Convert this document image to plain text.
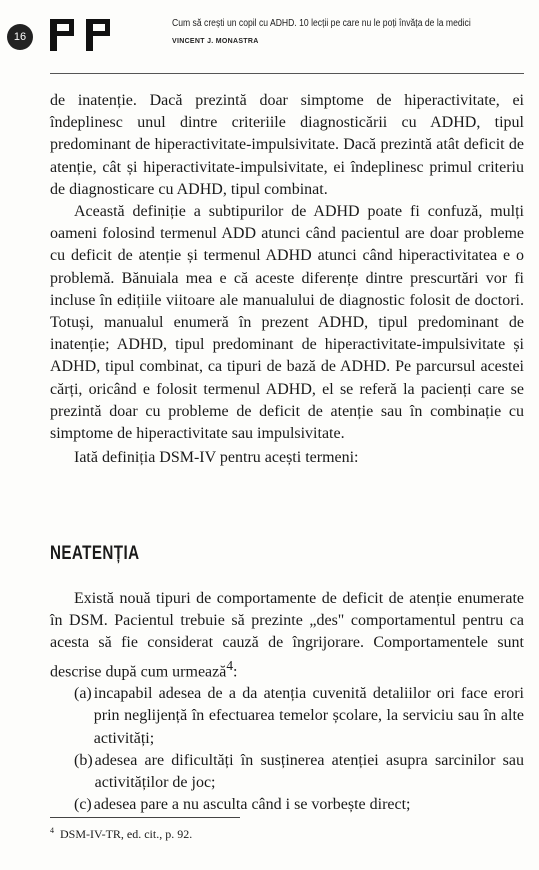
16
Cum să crești un copil cu ADHD. 10 lecții pe care nu le poți învăța de la medici
VINCENT J. MONASTRA

de inatenție. Dacă prezintă doar simptome de hiperactivitate, ei îndeplinesc unul dintre criteriile diagnosticării cu ADHD, tipul predominant de hiperactivitate-impulsivitate. Dacă prezintă atât deficit de atenție, cât și hiperactivitate-impulsivitate, ei îndeplinesc primul criteriu de diagnosticare cu ADHD, tipul combinat.

Această definiție a subtipurilor de ADHD poate fi confuză, mulți oameni folosind termenul ADD atunci când pacientul are doar probleme cu deficit de atenție și termenul ADHD atunci când hiperactivitatea e o problemă. Bănuiala mea e că aceste diferențe dintre prescurtări vor fi incluse în edițiile viitoare ale manualului de diagnostic folosit de doctori. Totuși, manualul enumeră în prezent ADHD, tipul predominant de inatenție; ADHD, tipul predominant de hiperactivitate-impulsivitate și ADHD, tipul combinat, ca tipuri de bază de ADHD. Pe parcursul acestei cărți, oricând e folosit termenul ADHD, el se referă la pacienți care se prezintă doar cu probleme de deficit de atenție sau în combinație cu simptome de hiperactivitate sau impulsivitate.

Iată definiția DSM-IV pentru acești termeni:

NEATENȚIA

Există nouă tipuri de comportamente de deficit de atenție enumerate în DSM. Pacientul trebuie să prezinte „des" comportamentul pentru ca acesta să fie considerat cauză de îngrijorare. Comportamentele sunt descrise după cum urmează$^4$:

(a) incapabil adesea de a da atenția cuvenită detaliilor ori face erori prin neglijență în efectuarea temelor școlare, la serviciu sau în alte activități;
(b) adesea are dificultăți în susținerea atenției asupra sarcinilor sau activităților de joc;
(c) adesea pare a nu asculta când i se vorbește direct;
$^4$ DSM-IV-TR, ed. cit., p. 92.
